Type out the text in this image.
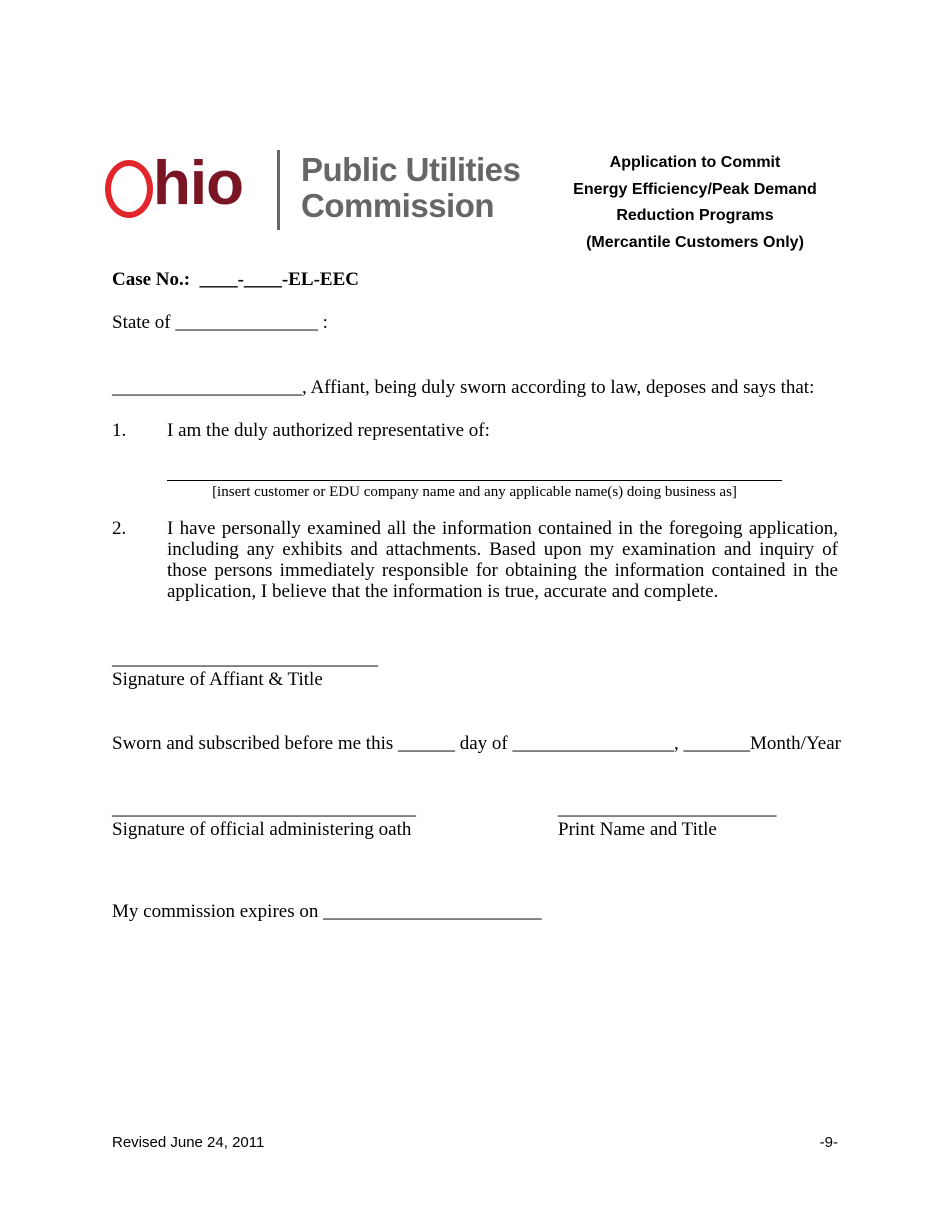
hio Public Utilities
Commission
Application to Commit
Energy Efficiency/Peak Demand
Reduction Programs
(Mercantile Customers Only)
Case No.: ____-____-EL-EEC
State of _______________ :
____________________, Affiant, being duly sworn according to law, deposes and says that:
1. I am the duly authorized representative of:
[insert customer or EDU company name and any applicable name(s) doing business as]
2. I have personally examined all the information contained in the foregoing application, including any exhibits and attachments. Based upon my examination and inquiry of those persons immediately responsible for obtaining the information contained in the application, I believe that the information is true, accurate and complete.
____________________________
Signature of Affiant & Title
Sworn and subscribed before me this ______ day of _________________, _______Month/Year
________________________________
Signature of official administering oath
_______________________
Print Name and Title
My commission expires on _______________________
Revised June 24, 2011	-9-
